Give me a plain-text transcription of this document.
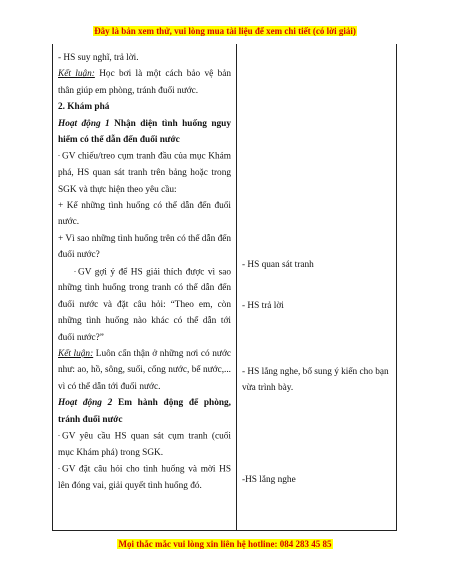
Đây là bản xem thử, vui lòng mua tài liệu để xem chi tiết (có lời giải)

- HS suy nghĩ, trả lời.

Kết luận: Học bơi là một cách bảo vệ bản thân giúp em phòng, tránh đuối nước.

2. Khám phá

Hoạt động 1 Nhận diện tình huống nguy hiểm có thể dẫn đến đuối nước

- GV chiếu/treo cụm tranh đầu của mục Khám phá, HS quan sát tranh trên bảng hoặc trong SGK và thực hiện theo yêu cầu:

+ Kể những tình huống có thể dẫn đến đuối nước.

+ Vì sao những tình huống trên có thể dẫn đến đuối nước?

- GV gợi ý để HS giải thích được vì sao những tình huống trong tranh có thể dẫn đến đuối nước và đặt câu hỏi: “Theo em, còn những tình huống nào khác có thể dẫn tới đuối nước?”

Kết luận: Luôn cẩn thận ở những nơi có nước như: ao, hồ, sông, suối, cống nước, bể nước,... vì có thể dẫn tới đuối nước.

Hoạt động 2 Em hành động để phòng, tránh đuối nước

- GV yêu cầu HS quan sát cụm tranh (cuối mục Khám phá) trong SGK.

- GV đặt câu hỏi cho tình huống và mời HS lên đóng vai, giải quyết tình huống đó.

- HS quan sát tranh

- HS trả lời

- HS lắng nghe, bổ sung ý kiến cho bạn vừa trình bày.

-HS lắng nghe

Mọi thắc mắc vui lòng xin liên hệ hotline: 084 283 45 85
